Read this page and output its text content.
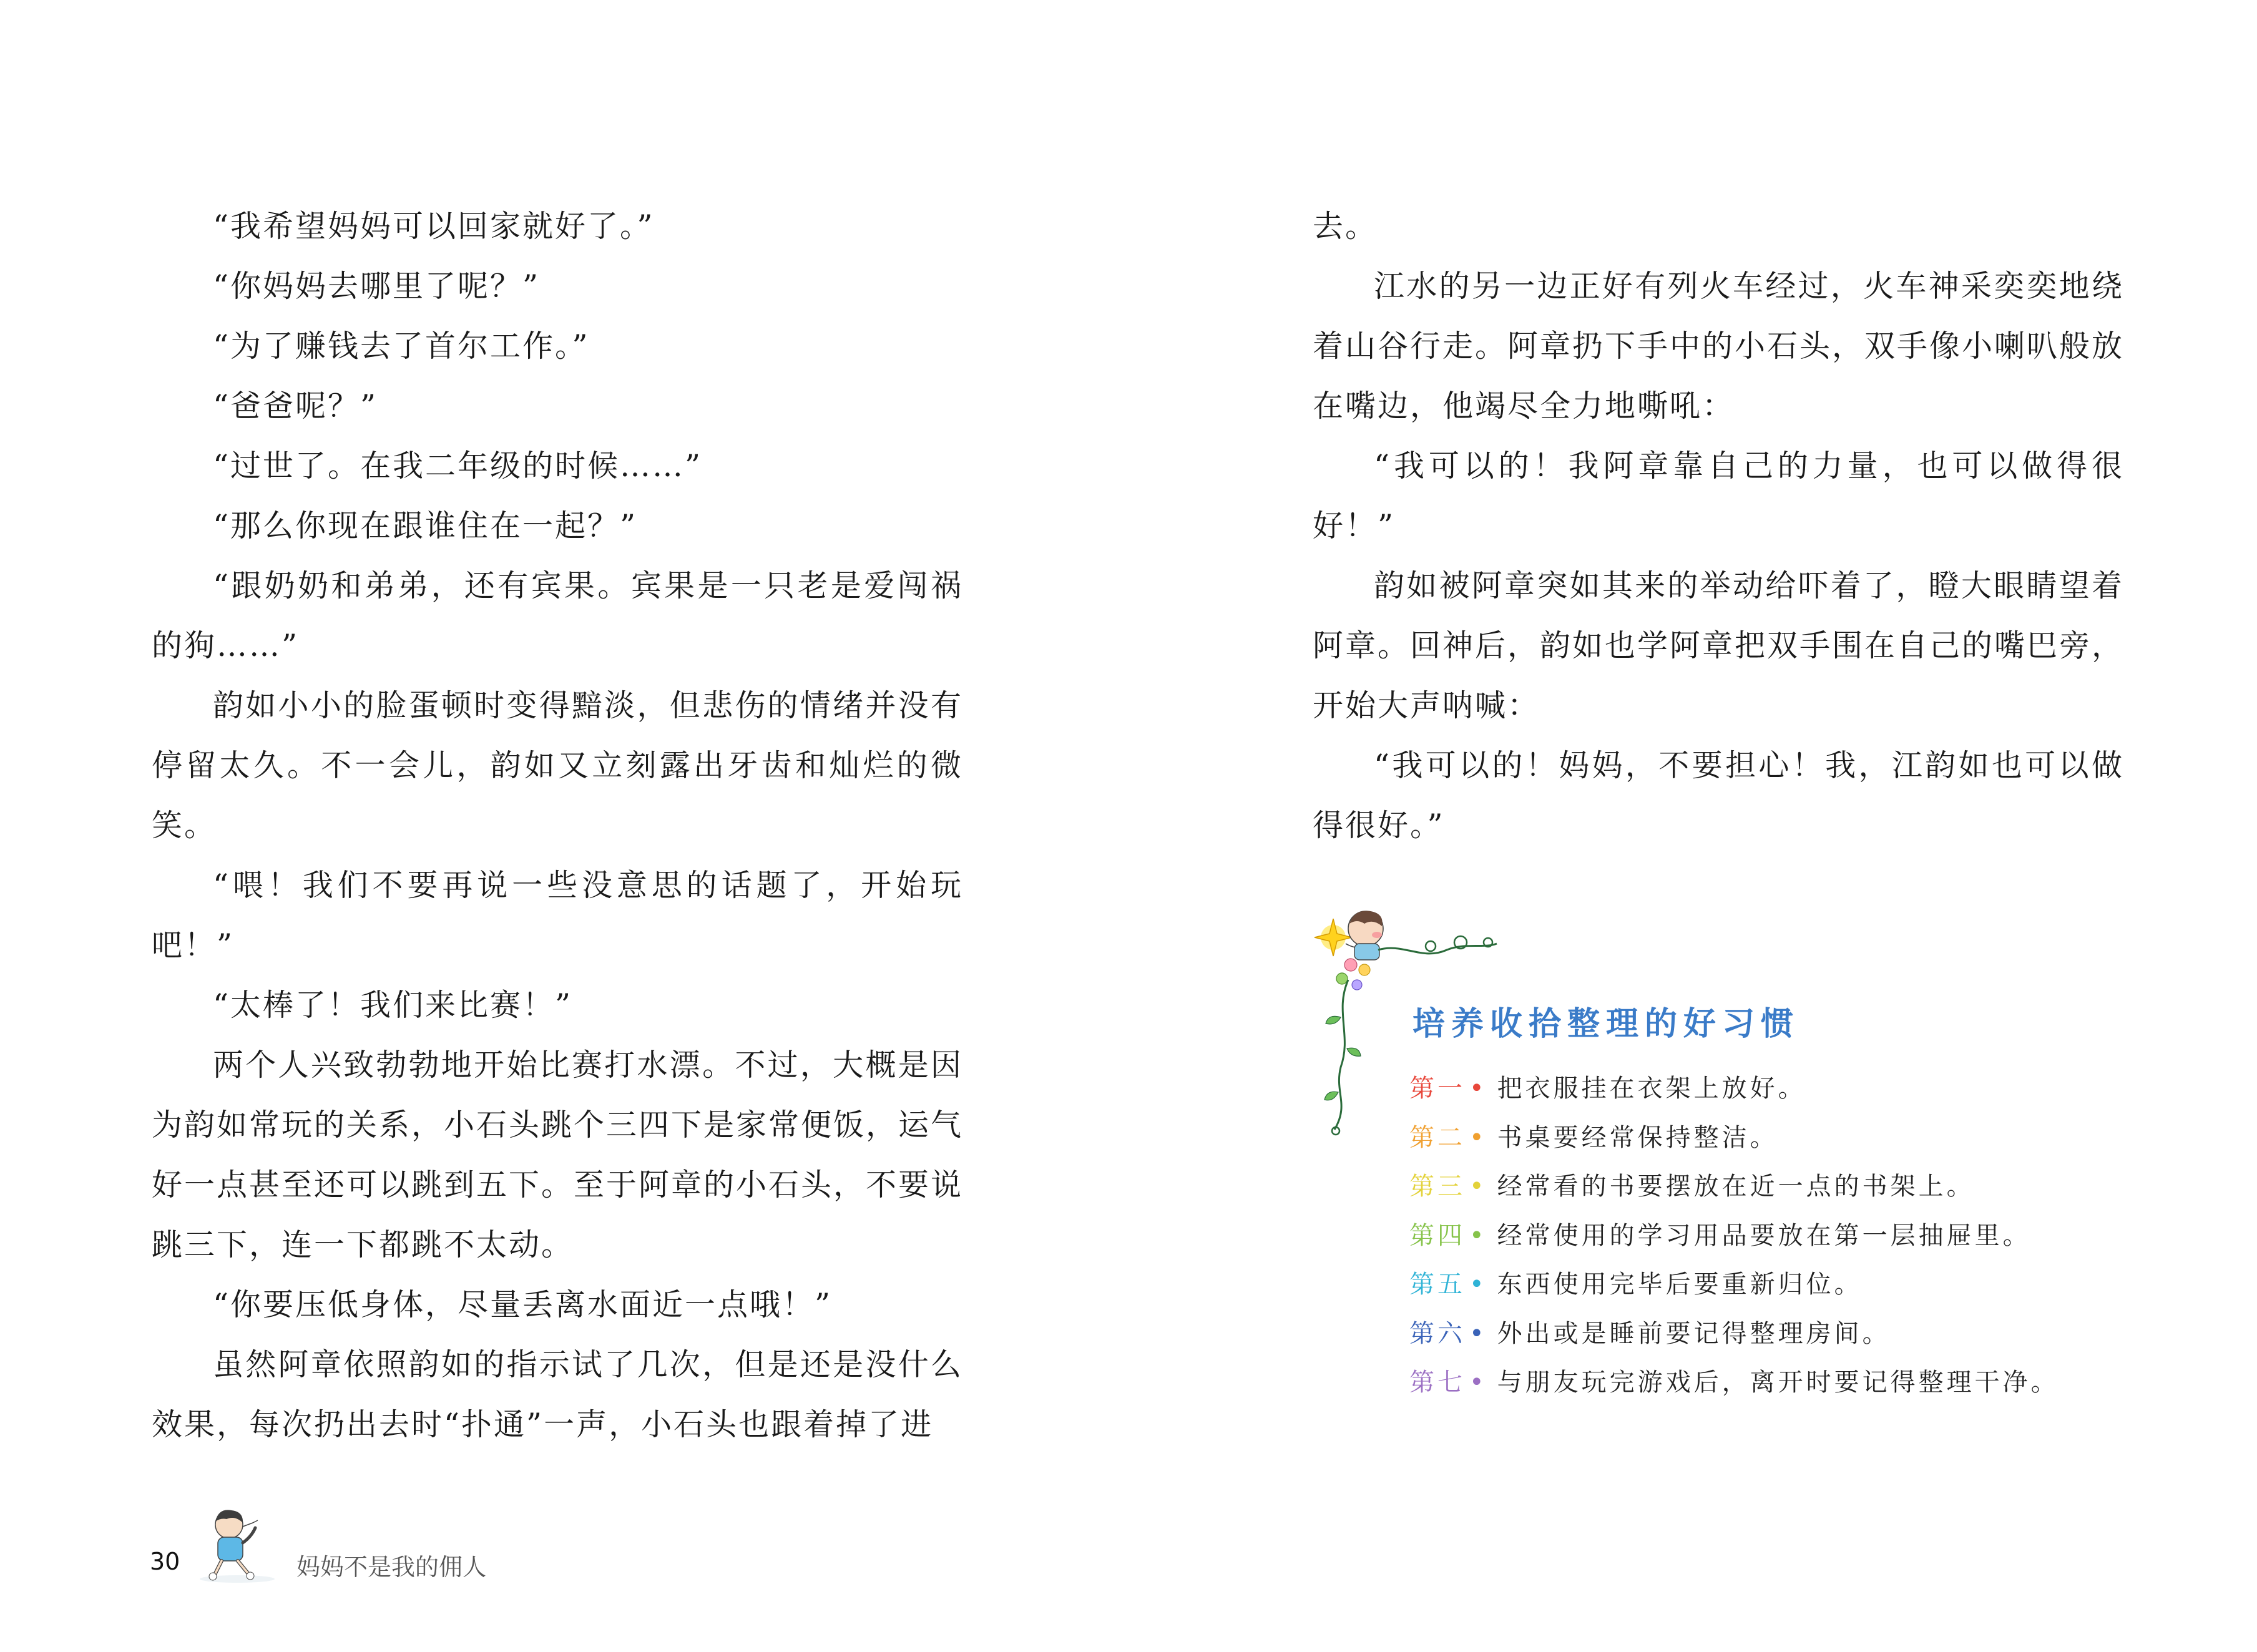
“我希望妈妈可以回家就好了。”

“你妈妈去哪里了呢？”

“为了赚钱去了首尔工作。”

“爸爸呢？”

“过世了。在我二年级的时候……”

“那么你现在跟谁住在一起？”

“跟奶奶和弟弟，还有宾果。宾果是一只老是爱闯祸的狗……”

韵如小小的脸蛋顿时变得黯淡，但悲伤的情绪并没有停留太久。不一会儿，韵如又立刻露出牙齿和灿烂的微笑。

“喂！我们不要再说一些没意思的话题了，开始玩吧！”

“太棒了！我们来比赛！”

两个人兴致勃勃地开始比赛打水漂。不过，大概是因为韵如常玩的关系，小石头跳个三四下是家常便饭，运气好一点甚至还可以跳到五下。至于阿章的小石头，不要说跳三下，连一下都跳不太动。

“你要压低身体，尽量丢离水面近一点哦！”

虽然阿章依照韵如的指示试了几次，但是还是没什么效果，每次扔出去时“扑通”一声，小石头也跟着掉了进

30	妈妈不是我的佣人

去。

江水的另一边正好有列火车经过，火车神采奕奕地绕着山谷行走。阿章扔下手中的小石头，双手像小喇叭般放在嘴边，他竭尽全力地嘶吼：

“我可以的！我阿章靠自己的力量，也可以做得很好！”

韵如被阿章突如其来的举动给吓着了，瞪大眼睛望着阿章。回神后，韵如也学阿章把双手围在自己的嘴巴旁，开始大声呐喊：

“我可以的！妈妈，不要担心！我，江韵如也可以做得很好。”

培养收拾整理的好习惯
第一 • 把衣服挂在衣架上放好。
第二 • 书桌要经常保持整洁。
第三 • 经常看的书要摆放在近一点的书架上。
第四 • 经常使用的学习用品要放在第一层抽屉里。
第五 • 东西使用完毕后要重新归位。
第六 • 外出或是睡前要记得整理房间。
第七 • 与朋友玩完游戏后，离开时要记得整理干净。
